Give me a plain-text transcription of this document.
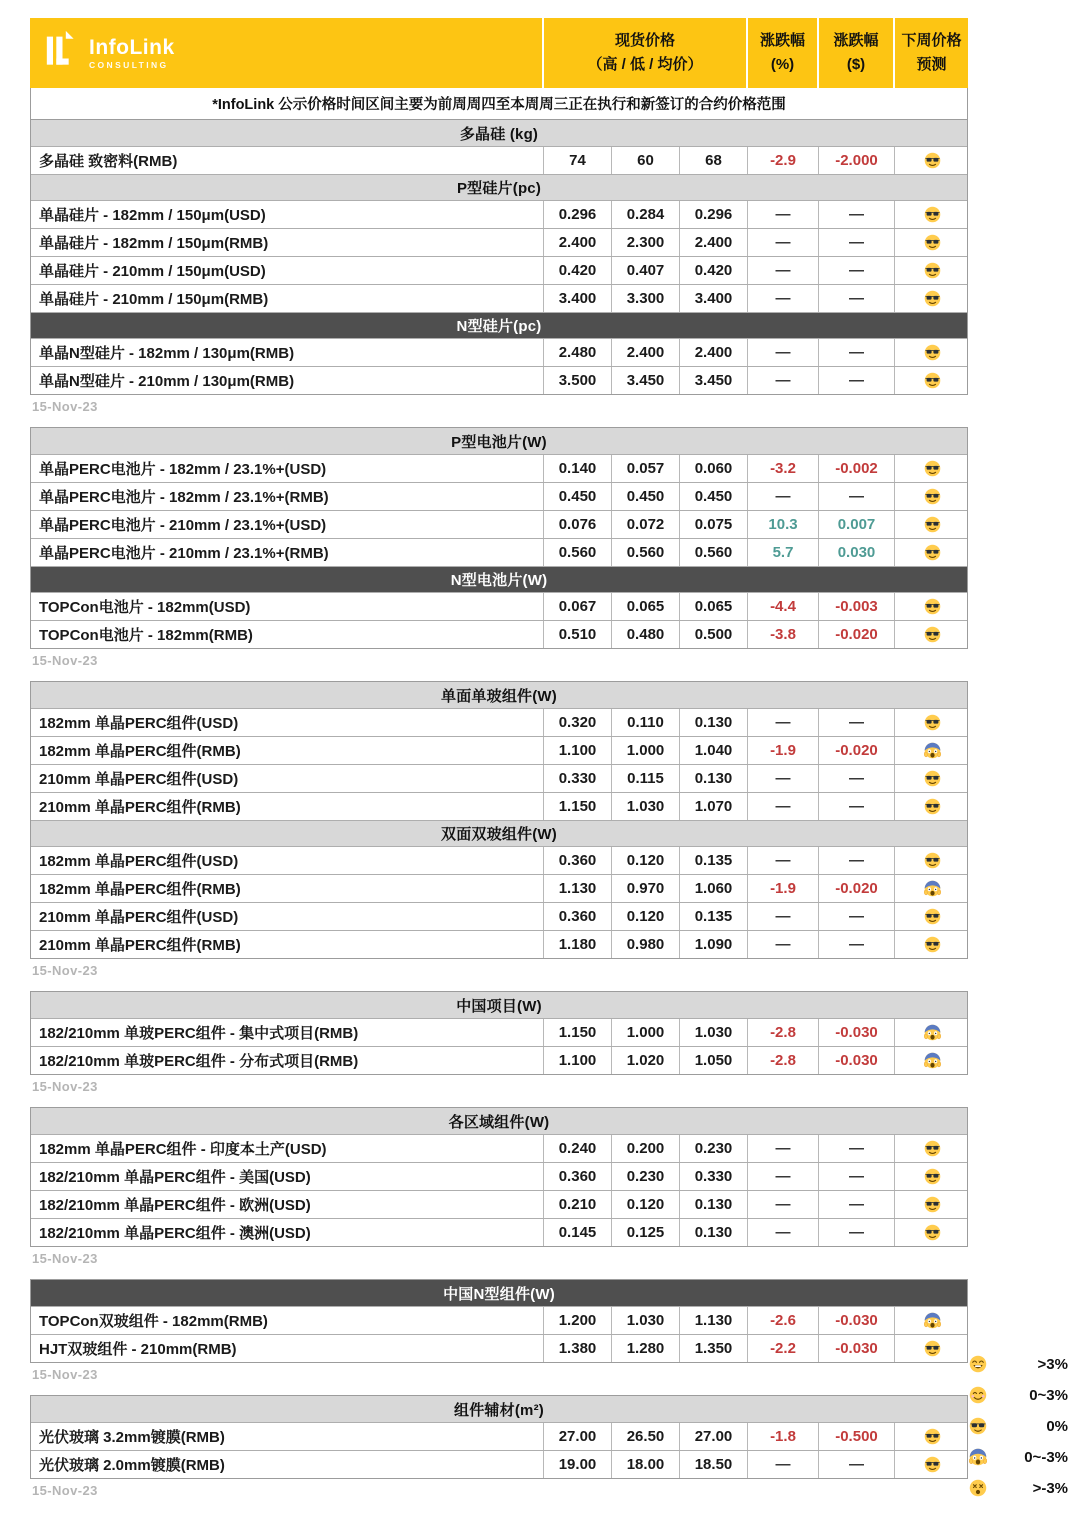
InfoLink
CONSULTING
现货价格
（高 / 低 / 均价）
涨跌幅
(%)
涨跌幅
($)
下周价格
预测
*InfoLink 公示价格时间区间主要为前周周四至本周周三正在执行和新签订的合约价格范围
多晶硅 (kg)
多晶硅 致密料(RMB)	74	60	68	-2.9	-2.000
P型硅片(pc)
单晶硅片 - 182mm / 150μm(USD)	0.296	0.284	0.296	—	—
单晶硅片 - 182mm / 150μm(RMB)	2.400	2.300	2.400	—	—
单晶硅片 - 210mm / 150μm(USD)	0.420	0.407	0.420	—	—
单晶硅片 - 210mm / 150μm(RMB)	3.400	3.300	3.400	—	—
N型硅片(pc)
单晶N型硅片 - 182mm / 130μm(RMB)	2.480	2.400	2.400	—	—
单晶N型硅片 - 210mm / 130μm(RMB)	3.500	3.450	3.450	—	—
15-Nov-23
P型电池片(W)
单晶PERC电池片 - 182mm / 23.1%+(USD)	0.140	0.057	0.060	-3.2	-0.002
单晶PERC电池片 - 182mm / 23.1%+(RMB)	0.450	0.450	0.450	—	—
单晶PERC电池片 - 210mm / 23.1%+(USD)	0.076	0.072	0.075	10.3	0.007
单晶PERC电池片 - 210mm / 23.1%+(RMB)	0.560	0.560	0.560	5.7	0.030
N型电池片(W)
TOPCon电池片 - 182mm(USD)	0.067	0.065	0.065	-4.4	-0.003
TOPCon电池片 - 182mm(RMB)	0.510	0.480	0.500	-3.8	-0.020
15-Nov-23
单面单玻组件(W)
182mm 单晶PERC组件(USD)	0.320	0.110	0.130	—	—
182mm 单晶PERC组件(RMB)	1.100	1.000	1.040	-1.9	-0.020
210mm 单晶PERC组件(USD)	0.330	0.115	0.130	—	—
210mm 单晶PERC组件(RMB)	1.150	1.030	1.070	—	—
双面双玻组件(W)
182mm 单晶PERC组件(USD)	0.360	0.120	0.135	—	—
182mm 单晶PERC组件(RMB)	1.130	0.970	1.060	-1.9	-0.020
210mm 单晶PERC组件(USD)	0.360	0.120	0.135	—	—
210mm 单晶PERC组件(RMB)	1.180	0.980	1.090	—	—
15-Nov-23
中国项目(W)
182/210mm 单玻PERC组件 - 集中式项目(RMB)	1.150	1.000	1.030	-2.8	-0.030
182/210mm 单玻PERC组件 - 分布式项目(RMB)	1.100	1.020	1.050	-2.8	-0.030
15-Nov-23
各区域组件(W)
182mm 单晶PERC组件 - 印度本土产(USD)	0.240	0.200	0.230	—	—
182/210mm 单晶PERC组件 - 美国(USD)	0.360	0.230	0.330	—	—
182/210mm 单晶PERC组件 - 欧洲(USD)	0.210	0.120	0.130	—	—
182/210mm 单晶PERC组件 - 澳洲(USD)	0.145	0.125	0.130	—	—
15-Nov-23
中国N型组件(W)
TOPCon双玻组件 - 182mm(RMB)	1.200	1.030	1.130	-2.6	-0.030
HJT双玻组件 - 210mm(RMB)	1.380	1.280	1.350	-2.2	-0.030
15-Nov-23
组件辅材(m²)
光伏玻璃 3.2mm镀膜(RMB)	27.00	26.50	27.00	-1.8	-0.500
光伏玻璃 2.0mm镀膜(RMB)	19.00	18.00	18.50	—	—
15-Nov-23
>3%
0~3%
0%
0~-3%
>-3%
